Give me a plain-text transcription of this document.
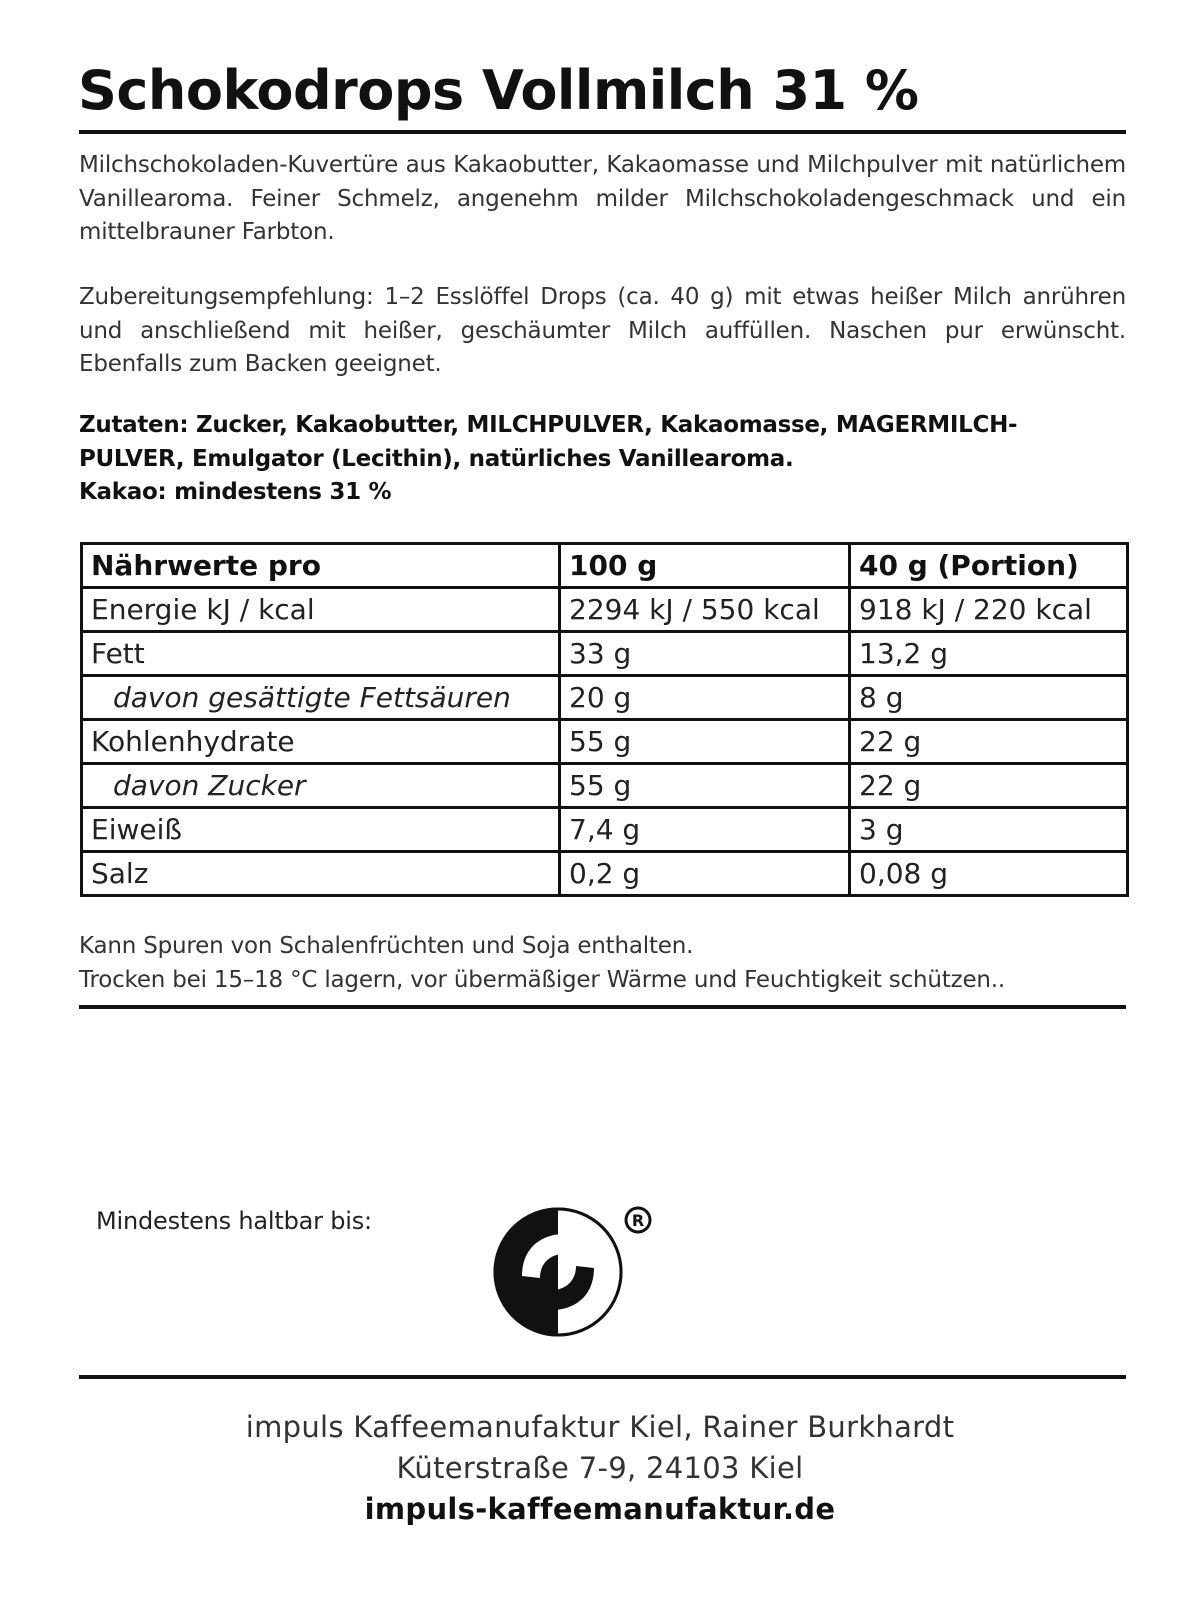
Schokodrops Vollmilch 31 %

Milchschokoladen-Kuvertüre aus Kakaobutter, Kakaomasse und Milchpulver mit natürlichem Vanillearoma. Feiner Schmelz, angenehm milder Milchschokoladengeschmack und ein mittelbrauner Farbton.

Zubereitungsempfehlung: 1–2 Esslöffel Drops (ca. 40 g) mit etwas heißer Milch anrühren und anschließend mit heißer, geschäumter Milch auffüllen. Naschen pur erwünscht. Ebenfalls zum Backen geeignet.

Zutaten: Zucker, Kakaobutter, MILCHPULVER, Kakaomasse, MAGERMILCH-
PULVER, Emulgator (Lecithin), natürliches Vanillearoma.
Kakao: mindestens 31 %
Nährwerte pro	100 g	40 g (Portion)
Energie kJ / kcal	2294 kJ / 550 kcal	918 kJ / 220 kcal
Fett	33 g	13,2 g
davon gesättigte Fettsäuren	20 g	8 g
Kohlenhydrate	55 g	22 g
davon Zucker	55 g	22 g
Eiweiß	7,4 g	3 g
Salz	0,2 g	0,08 g
Kann Spuren von Schalenfrüchten und Soja enthalten.
Trocken bei 15–18 °C lagern, vor übermäßiger Wärme und Feuchtigkeit schützen..
Mindestens haltbar bis:	R
impuls Kaffeemanufaktur Kiel, Rainer Burkhardt
Küterstraße 7-9, 24103 Kiel
impuls-kaffeemanufaktur.de
